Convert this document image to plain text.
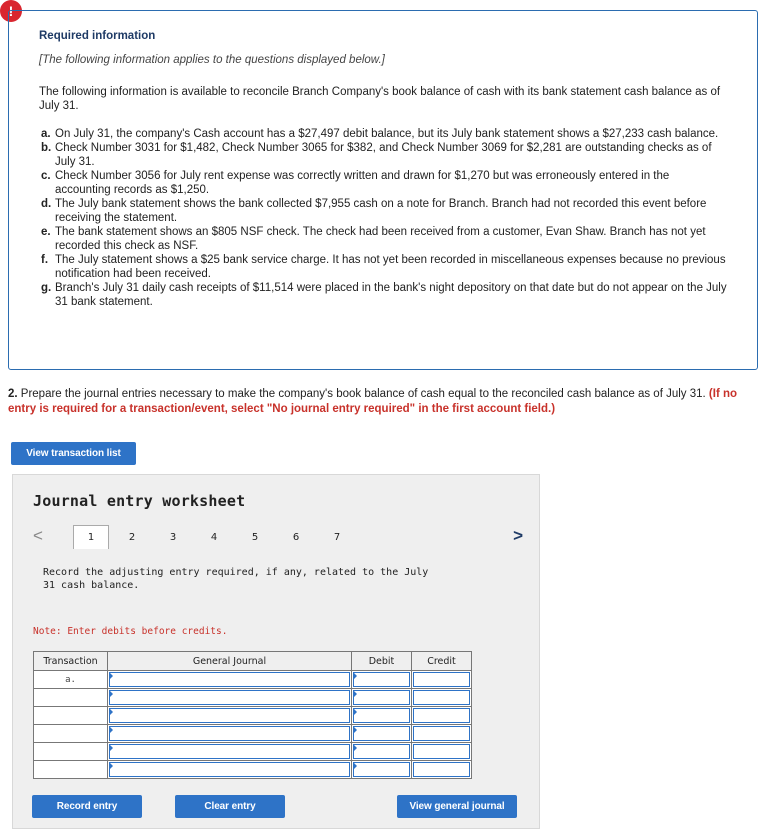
!

Required information

[The following information applies to the questions displayed below.]

The following information is available to reconcile Branch Company's book balance of cash with its bank statement cash balance as of July 31.

a. On July 31, the company's Cash account has a $27,497 debit balance, but its July bank statement shows a $27,233 cash balance.
b. Check Number 3031 for $1,482, Check Number 3065 for $382, and Check Number 3069 for $2,281 are outstanding checks as of July 31.
c. Check Number 3056 for July rent expense was correctly written and drawn for $1,270 but was erroneously entered in the accounting records as $1,250.
d. The July bank statement shows the bank collected $7,955 cash on a note for Branch. Branch had not recorded this event before receiving the statement.
e. The bank statement shows an $805 NSF check. The check had been received from a customer, Evan Shaw. Branch has not yet recorded this check as NSF.
f. The July statement shows a $25 bank service charge. It has not yet been recorded in miscellaneous expenses because no previous notification had been received.
g. Branch's July 31 daily cash receipts of $11,514 were placed in the bank's night depository on that date but do not appear on the July 31 bank statement.
2. Prepare the journal entries necessary to make the company's book balance of cash equal to the reconciled cash balance as of July 31. (If no entry is required for a transaction/event, select "No journal entry required" in the first account field.)
View transaction list
Journal entry worksheet
<	1	2	3	4	5	6	7	>
Record the adjusting entry required, if any, related to the July 31 cash balance.
Note: Enter debits before credits.
Transaction	General Journal	Debit	Credit
a.	

Record entry	Clear entry	View general journal
